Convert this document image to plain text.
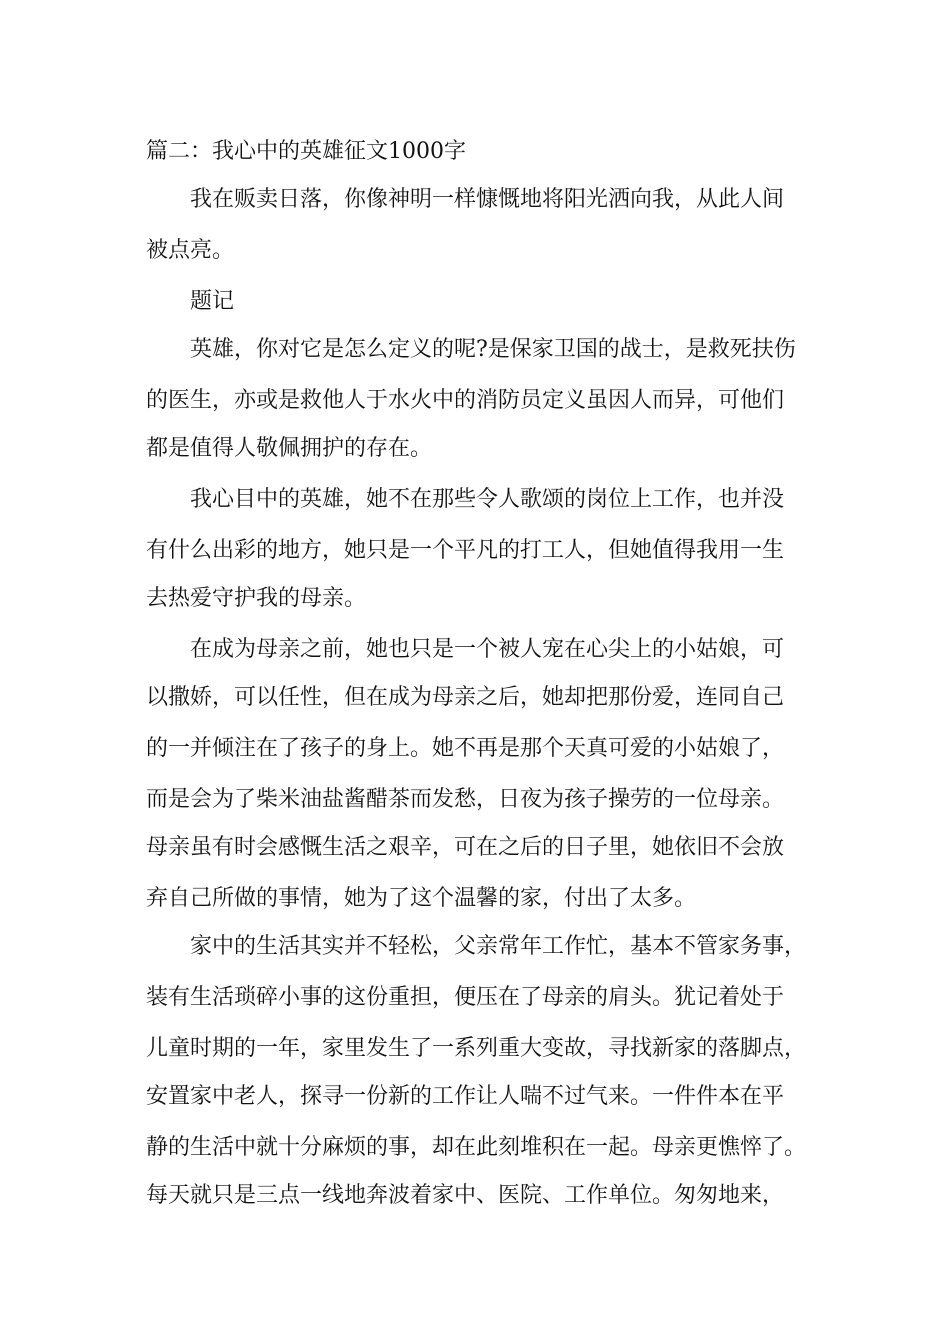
篇二：我心中的英雄征文1000字
我在贩卖日落，你像神明一样慷慨地将阳光洒向我，从此人间
被点亮。
题记
英雄，你对它是怎么定义的呢?是保家卫国的战士，是救死扶伤
的医生，亦或是救他人于水火中的消防员定义虽因人而异，可他们
都是值得人敬佩拥护的存在。
我心目中的英雄，她不在那些令人歌颂的岗位上工作，也并没
有什么出彩的地方，她只是一个平凡的打工人，但她值得我用一生
去热爱守护我的母亲。
在成为母亲之前，她也只是一个被人宠在心尖上的小姑娘，可
以撒娇，可以任性，但在成为母亲之后，她却把那份爱，连同自己
的一并倾注在了孩子的身上。她不再是那个天真可爱的小姑娘了，
而是会为了柴米油盐酱醋茶而发愁，日夜为孩子操劳的一位母亲。
母亲虽有时会感慨生活之艰辛，可在之后的日子里，她依旧不会放
弃自己所做的事情，她为了这个温馨的家，付出了太多。
家中的生活其实并不轻松，父亲常年工作忙，基本不管家务事，
装有生活琐碎小事的这份重担，便压在了母亲的肩头。犹记着处于
儿童时期的一年，家里发生了一系列重大变故，寻找新家的落脚点，
安置家中老人，探寻一份新的工作让人喘不过气来。一件件本在平
静的生活中就十分麻烦的事，却在此刻堆积在一起。母亲更憔悴了。
每天就只是三点一线地奔波着家中、医院、工作单位。匆匆地来，
